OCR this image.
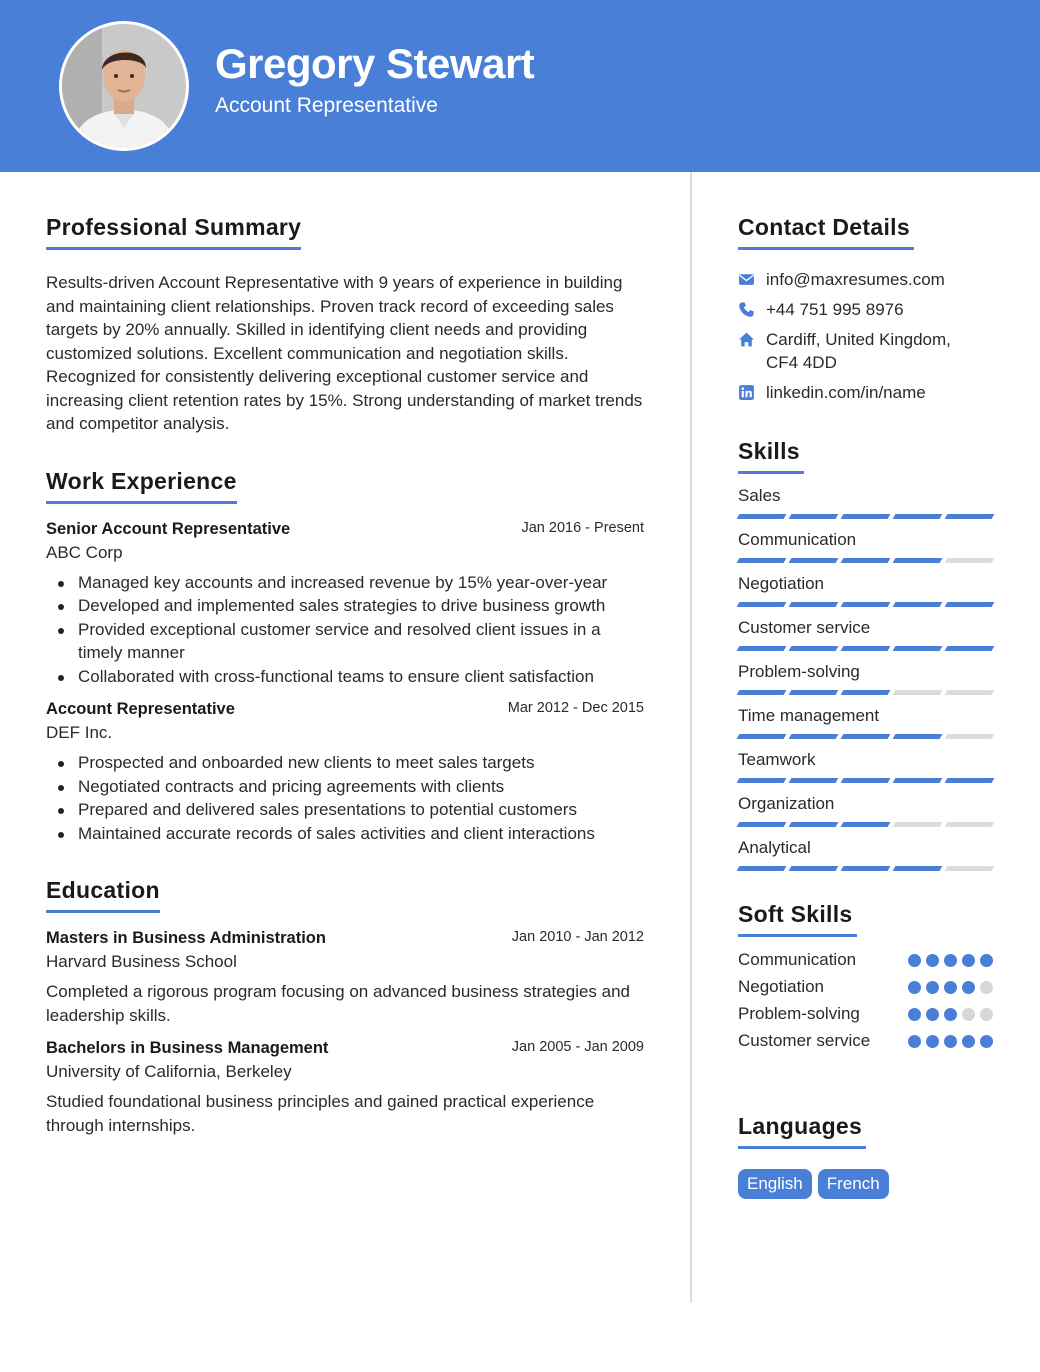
Gregory Stewart
Account Representative
Professional Summary

Results-driven Account Representative with 9 years of experience in building and maintaining client relationships. Proven track record of exceeding sales targets by 20% annually. Skilled in identifying client needs and providing customized solutions. Excellent communication and negotiation skills. Recognized for consistently delivering exceptional customer service and increasing client retention rates by 15%. Strong understanding of market trends and competitor analysis.

Work Experience
Senior Account Representative	Jan 2016 - Present
ABC Corp
Managed key accounts and increased revenue by 15% year-over-year
Developed and implemented sales strategies to drive business growth
Provided exceptional customer service and resolved client issues in a timely manner
Collaborated with cross-functional teams to ensure client satisfaction
Account Representative	Mar 2012 - Dec 2015
DEF Inc.
Prospected and onboarded new clients to meet sales targets
Negotiated contracts and pricing agreements with clients
Prepared and delivered sales presentations to potential customers
Maintained accurate records of sales activities and client interactions
Education
Masters in Business Administration	Jan 2010 - Jan 2012
Harvard Business School

Completed a rigorous program focusing on advanced business strategies and leadership skills.

Bachelors in Business Management	Jan 2005 - Jan 2009
University of California, Berkeley

Studied foundational business principles and gained practical experience through internships.

Contact Details
info@maxresumes.com
+44 751 995 8976
Cardiff, United Kingdom, CF4 4DD
linkedin.com/in/name
Skills
Sales
Communication
Negotiation
Customer service
Problem-solving
Time management
Teamwork
Organization
Analytical
Soft Skills
Communication
Negotiation
Problem-solving
Customer service
Languages
English	French
